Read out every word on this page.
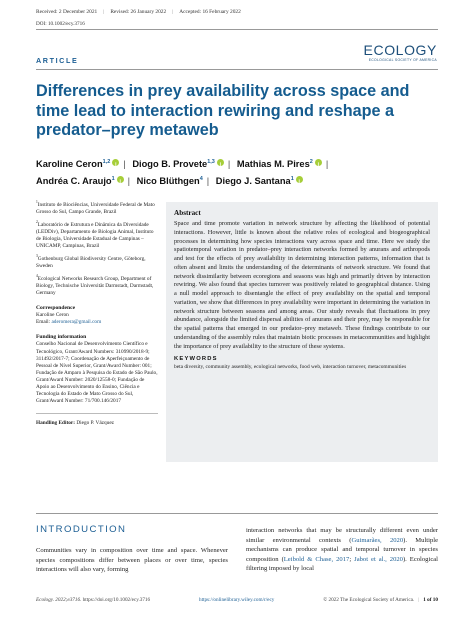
Received: 2 December 2021 | Revised: 26 January 2022 | Accepted: 16 February 2022
DOI: 10.1002/ecy.3716
ECOLOGY
ECOLOGICAL SOCIETY OF AMERICA
ARTICLE
Differences in prey availability across space and time lead to interaction rewiring and reshape a predator–prey metaweb
Karoline Ceron$^{1,2}$ i | Diogo B. Provete$^{1,3}$ i | Mathias M. Pires$^2$ i |
Andréa C. Araujo$^1$ i | Nico Blüthgen$^4$ | Diego J. Santana$^1$i
$^1$Instituto de Biociências, Universidade Federal de Mato Grosso do Sul, Campo Grande, Brazil
$^2$Laboratório de Estrutura e Dinâmica da Diversidade (LEDDiv), Departamento de Biologia Animal, Instituto de Biologia, Universidade Estadual de Campinas – UNICAMP, Campinas, Brazil
$^3$Gothenburg Global Biodiversity Centre, Göteborg, Sweden
$^4$Ecological Networks Research Group, Department of Biology, Technische Universität Darmstadt, Darmstadt, Germany
Correspondence
Karoline Ceron
Email: aderomera@gmail.com
Funding information
Conselho Nacional de Desenvolvimento Científico e Tecnológico, Grant/Award Numbers: 310990/2018-9; 311492/2017-7; Coordenação de Aperfeiçoamento de Pessoal de Nível Superior, Grant/Award Number: 001; Fundação de Amparo à Pesquisa do Estado de São Paulo, Grant/Award Number: 2020/12558-0; Fundação de Apoio ao Desenvolvimento do Ensino, Ciência e Tecnologia do Estado de Mato Grosso do Sul, Grant/Award Number: 71/700.146/2017
Handling Editor: Diego P. Vázquez
Abstract

Space and time promote variation in network structure by affecting the likelihood of potential interactions. However, little is known about the relative roles of ecological and biogeographical processes in determining how species interactions vary across space and time. Here we study the spatiotemporal variation in predator–prey interaction networks formed by anurans and arthropods and test for the effects of prey availability in determining interaction patterns, information that is often absent and limits the understanding of the determinants of network structure. We found that network dissimilarity between ecoregions and seasons was high and primarily driven by interaction rewiring. We also found that species turnover was positively related to geographical distance. Using a null model approach to disentangle the effect of prey availability on the spatial and temporal variation, we show that differences in prey availability were important in determining the variation in network structure between seasons and among areas. Our study reveals that fluctuations in prey abundance, alongside the limited dispersal abilities of anurans and their prey, may be responsible for the spatial patterns that emerged in our predator–prey metaweb. These findings contribute to our understanding of the assembly rules that maintain biotic processes in metacommunities and highlight the importance of prey availability to the structure of these systems.

KEYWORDS
beta diversity, community assembly, ecological networks, food web, interaction turnover, metacommunities
INTRODUCTION
Communities vary in composition over time and space. Whenever species compositions differ between places or over time, species interactions will also vary, forming
interaction networks that may be structurally different even under similar environmental contexts (Guimarães, 2020). Multiple mechanisms can produce spatial and temporal turnover in species composition (Leibold & Chase, 2017; Jabot et al., 2020). Ecological filtering imposed by local
Ecology. 2022;e3716. https://doi.org/10.1002/ecy.3716	https://onlinelibrary.wiley.com/r/ecy	© 2022 The Ecological Society of America. | 1 of 10
